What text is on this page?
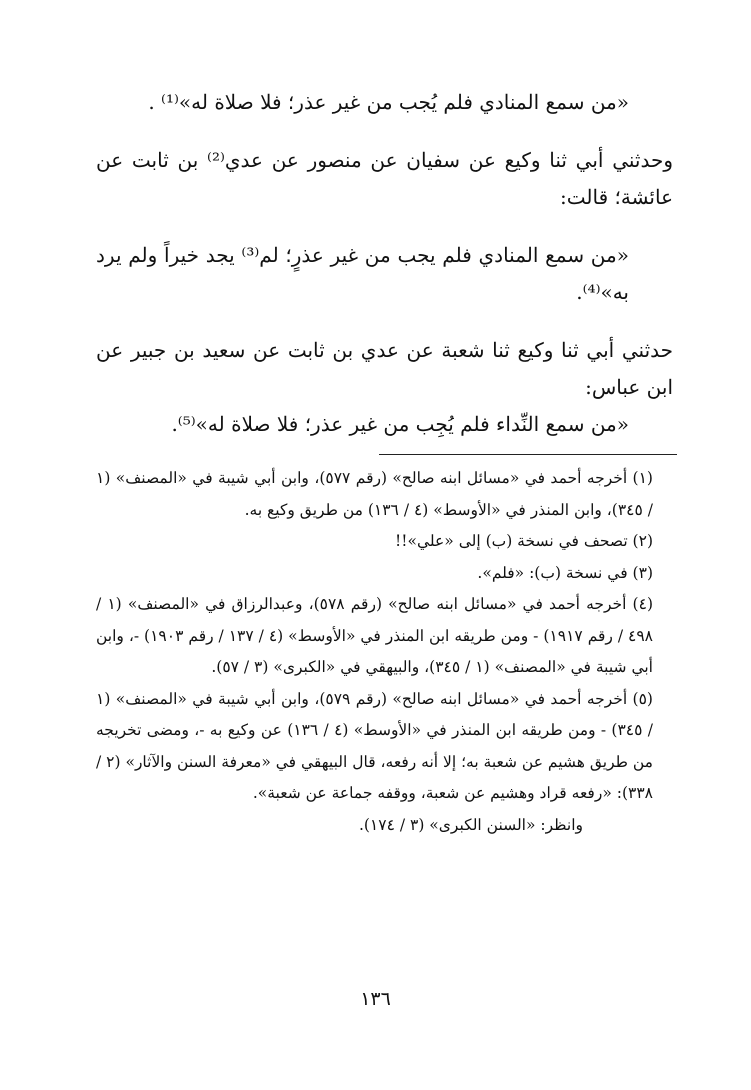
«من سمع المنادي فلم يُجب من غير عذر؛ فلا صلاة له»⁽¹⁾ .

وحدثني أبي ثنا وكيع عن سفيان عن منصور عن عدي⁽²⁾ بن ثابت عن عائشة؛ قالت:

«من سمع المنادي فلم يجب من غير عذرٍ؛ لم⁽³⁾ يجد خيراً ولم يرد به»⁽⁴⁾.

حدثني أبي ثنا وكيع ثنا شعبة عن عدي بن ثابت عن سعيد بن جبير عن ابن عباس:

«من سمع النِّداء فلم يُجِب من غير عذر؛ فلا صلاة له»⁽⁵⁾.

(١) أخرجه أحمد في «مسائل ابنه صالح» (رقم ٥٧٧)، وابن أبي شيبة في «المصنف» (١ / ٣٤٥)، وابن المنذر في «الأوسط» (٤ / ١٣٦) من طريق وكيع به.

(٢) تصحف في نسخة (ب) إلى «علي»!!

(٣) في نسخة (ب): «فلم».

(٤) أخرجه أحمد في «مسائل ابنه صالح» (رقم ٥٧٨)، وعبدالرزاق في «المصنف» (١ / ٤٩٨ / رقم ١٩١٧) - ومن طريقه ابن المنذر في «الأوسط» (٤ / ١٣٧ / رقم ١٩٠٣) -، وابن أبي شيبة في «المصنف» (١ / ٣٤٥)، والبيهقي في «الكبرى» (٣ / ٥٧).

(٥) أخرجه أحمد في «مسائل ابنه صالح» (رقم ٥٧٩)، وابن أبي شيبة في «المصنف» (١ / ٣٤٥) - ومن طريقه ابن المنذر في «الأوسط» (٤ / ١٣٦) عن وكيع به -، ومضى تخريجه من طريق هشيم عن شعبة به؛ إلا أنه رفعه، قال البيهقي في «معرفة السنن والآثار» (٢ / ٣٣٨): «رفعه قراد وهشيم عن شعبة، ووقفه جماعة عن شعبة».

وانظر: «السنن الكبرى» (٣ / ١٧٤).

١٣٦
